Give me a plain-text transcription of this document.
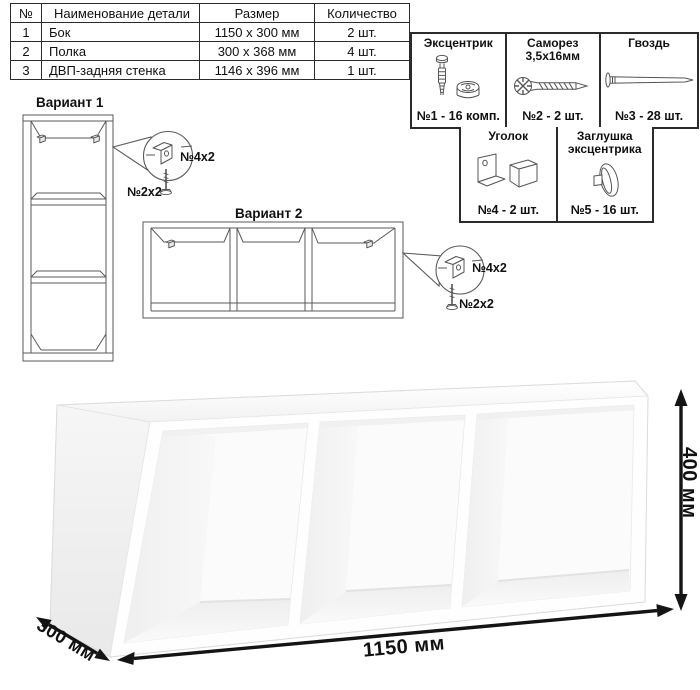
№	Наименование детали	Размер	Количество
1	Бок	1150 x 300 мм	2 шт.
2	Полка	300 x 368 мм	4 шт.
3	ДВП-задняя стенка	1146 x 396 мм	1 шт.
Эксцентрик
№1 - 16 комп.
Саморез 3,5х16мм
№2 - 2 шт.
Гвоздь
№3 - 28 шт.
Уголок
№4 - 2 шт.
Заглушка эксцентрика
№5 - 16 шт.
Вариант 1
Вариант 2
№4х2
№2х2
№4х2
№2х2
1150 мм
400 мм
300 мм
